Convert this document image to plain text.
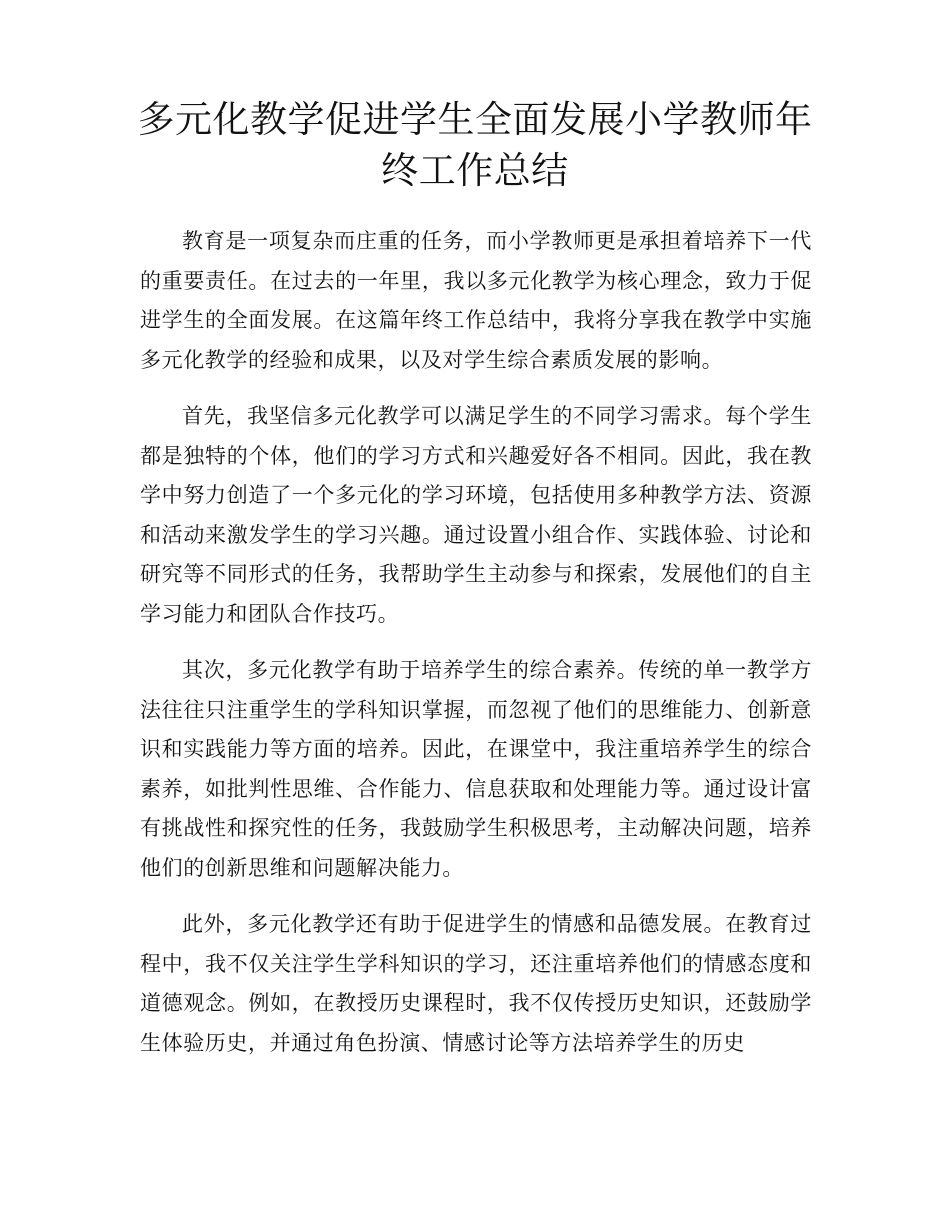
多元化教学促进学生全面发展小学教师年终工作总结

教育是一项复杂而庄重的任务，而小学教师更是承担着培养下一代的重要责任。在过去的一年里，我以多元化教学为核心理念，致力于促进学生的全面发展。在这篇年终工作总结中，我将分享我在教学中实施多元化教学的经验和成果，以及对学生综合素质发展的影响。

首先，我坚信多元化教学可以满足学生的不同学习需求。每个学生都是独特的个体，他们的学习方式和兴趣爱好各不相同。因此，我在教学中努力创造了一个多元化的学习环境，包括使用多种教学方法、资源和活动来激发学生的学习兴趣。通过设置小组合作、实践体验、讨论和研究等不同形式的任务，我帮助学生主动参与和探索，发展他们的自主学习能力和团队合作技巧。

其次，多元化教学有助于培养学生的综合素养。传统的单一教学方法往往只注重学生的学科知识掌握，而忽视了他们的思维能力、创新意识和实践能力等方面的培养。因此，在课堂中，我注重培养学生的综合素养，如批判性思维、合作能力、信息获取和处理能力等。通过设计富有挑战性和探究性的任务，我鼓励学生积极思考，主动解决问题，培养他们的创新思维和问题解决能力。

此外，多元化教学还有助于促进学生的情感和品德发展。在教育过程中，我不仅关注学生学科知识的学习，还注重培养他们的情感态度和道德观念。例如，在教授历史课程时，我不仅传授历史知识，还鼓励学生体验历史，并通过角色扮演、情感讨论等方法培养学生的历史
